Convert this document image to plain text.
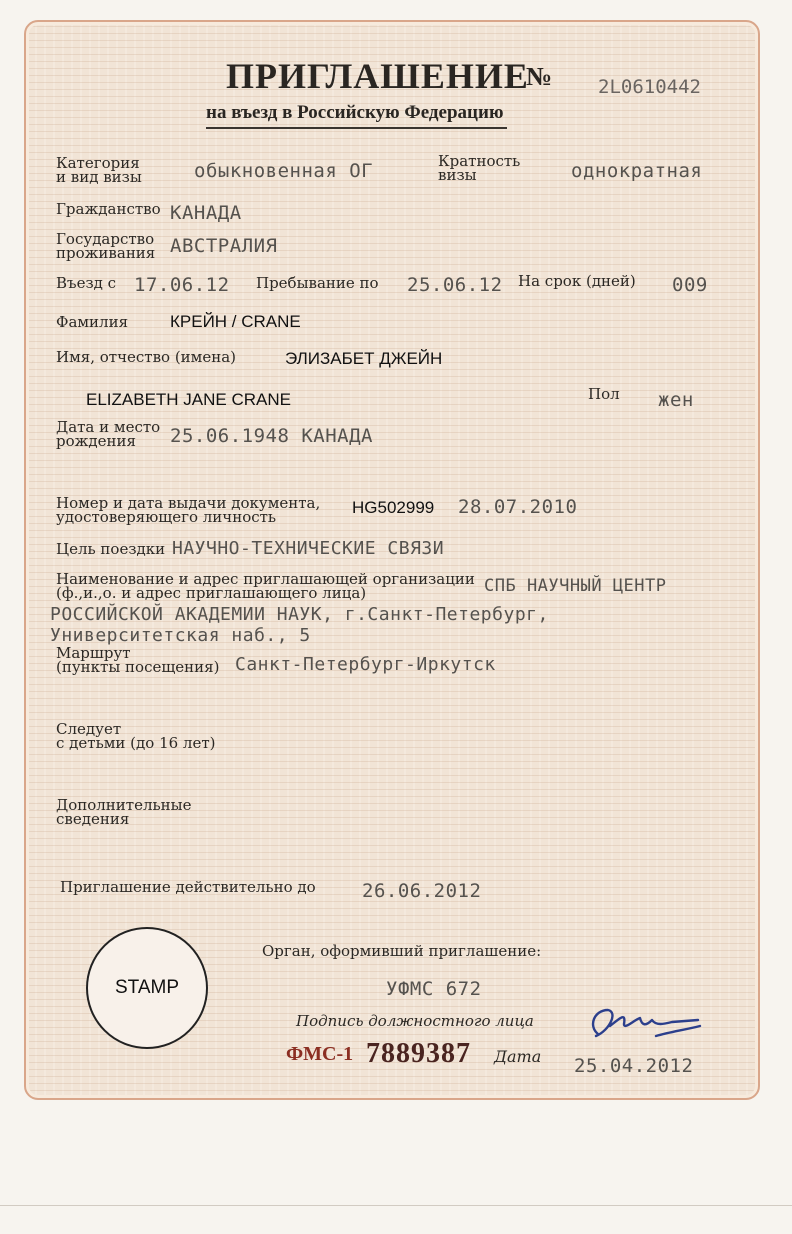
ПРИГЛАШЕНИЕ
№ 2L0610442
на въезд в Российскую Федерацию
Категория
и вид визы	обыкновенная ОГ	Кратность
визы	однократная
Гражданство КАНАДА
Государство
проживания АВСТРАЛИЯ
Въезд с 17.06.12 Пребывание по 25.06.12 На срок (дней) 009
Фамилия КРЕЙН / CRANE
Имя, отчество (имена)	ЭЛИЗАБЕТ ДЖЕЙН
ELIZABETH JANE CRANE	Пол жен
Дата и место
рождения	25.06.1948 КАНАДА
Номер и дата выдачи документа,
удостоверяющего личность	HG502999 28.07.2010
Цель поездки НАУЧНО-ТЕХНИЧЕСКИЕ СВЯЗИ
Наименование и адрес приглашающей организации
(ф.,и.,о. и адрес приглашающего лица)	СПБ НАУЧНЫЙ ЦЕНТР
РОССИЙСКОЙ АКАДЕМИИ НАУК, г.Санкт-Петербург,
Университетская наб., 5
Маршрут
(пункты посещения) Санкт-Петербург-Иркутск
Следует
с детьми (до 16 лет)
Дополнительные
сведения
Приглашение действительно до 26.06.2012
Орган, оформивший приглашение:
УФМС 672
Подпись должностного лица
STAMP
ФМС-1 7889387 Дата 25.04.2012
